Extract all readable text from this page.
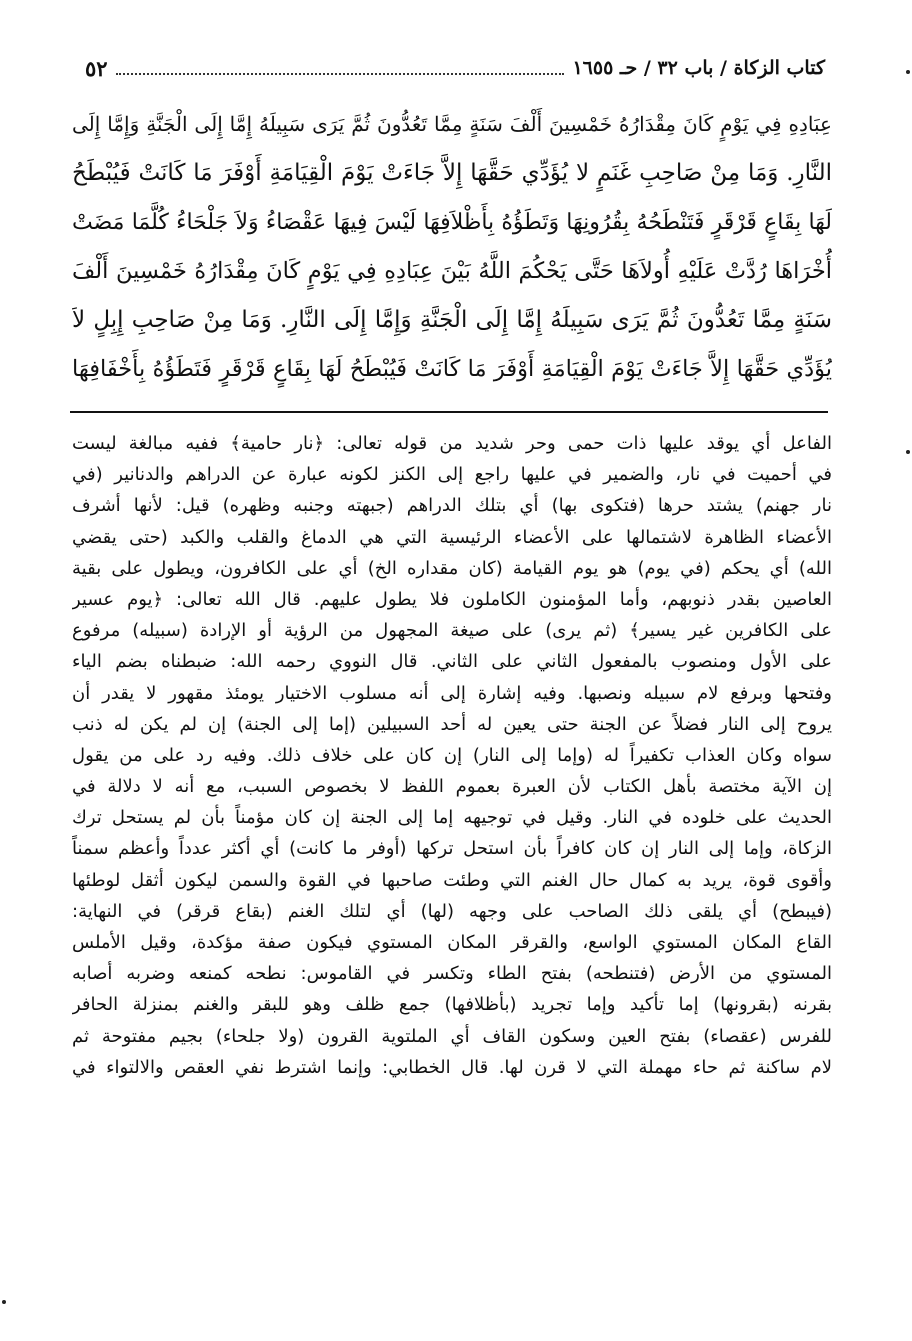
٥٢	كتاب الزكاة / باب ٣٢ / حـ ١٦٥٥
عِبَادِهِ فِي يَوْمٍ كَانَ مِقْدَارُهُ خَمْسِينَ أَلْفَ سَنَةٍ مِمَّا تَعُدُّونَ ثُمَّ يَرَى سَبِيلَهُ إِمَّا إِلَى الْجَنَّةِ وَإِمَّا إِلَى
النَّارِ. وَمَا مِنْ صَاحِبِ غَنَمٍ لا يُؤَدِّي حَقَّهَا إِلاَّ جَاءَتْ يَوْمَ الْقِيَامَةِ أَوْفَرَ مَا كَانَتْ فَيُبْطَحُ
لَهَا بِقَاعٍ قَرْقَرٍ فَتَنْطَحُهُ بِقُرُونِهَا وَتَطَؤُهُ بِأَظْلاَفِهَا لَيْسَ فِيهَا عَقْصَاءُ وَلاَ جَلْحَاءُ كُلَّمَا مَضَتْ
أُخْرَاهَا رُدَّتْ عَلَيْهِ أُولاَهَا حَتَّى يَحْكُمَ اللَّهُ بَيْنَ عِبَادِهِ فِي يَوْمٍ كَانَ مِقْدَارُهُ خَمْسِينَ أَلْفَ
سَنَةٍ مِمَّا تَعُدُّونَ ثُمَّ يَرَى سَبِيلَهُ إِمَّا إِلَى الْجَنَّةِ وَإِمَّا إِلَى النَّارِ. وَمَا مِنْ صَاحِبِ إِبِلٍ لاَ
يُؤَدِّي حَقَّهَا إِلاَّ جَاءَتْ يَوْمَ الْقِيَامَةِ أَوْفَرَ مَا كَانَتْ فَيُبْطَحُ لَهَا بِقَاعٍ قَرْقَرٍ فَتَطَؤُهُ بِأَخْفَافِهَا
الفاعل أي يوقد عليها ذات حمى وحر شديد من قوله تعالى: ﴿نار حامية﴾ ففيه مبالغة ليست
في أحميت في نار، والضمير في عليها راجع إلى الكنز لكونه عبارة عن الدراهم والدنانير (في
نار جهنم) يشتد حرها (فتكوى بها) أي بتلك الدراهم (جبهته وجنبه وظهره) قيل: لأنها أشرف
الأعضاء الظاهرة لاشتمالها على الأعضاء الرئيسية التي هي الدماغ والقلب والكبد (حتى يقضي
الله) أي يحكم (في يوم) هو يوم القيامة (كان مقداره الخ) أي على الكافرون، ويطول على بقية
العاصين بقدر ذنوبهم، وأما المؤمنون الكاملون فلا يطول عليهم. قال الله تعالى: ﴿يوم عسير
على الكافرين غير يسير﴾ (ثم يرى) على صيغة المجهول من الرؤية أو الإرادة (سبيله) مرفوع
على الأول ومنصوب بالمفعول الثاني على الثاني. قال النووي رحمه الله: ضبطناه بضم الياء
وفتحها وبرفع لام سبيله ونصبها. وفيه إشارة إلى أنه مسلوب الاختيار يومئذ مقهور لا يقدر أن
يروح إلى النار فضلاً عن الجنة حتى يعين له أحد السبيلين (إما إلى الجنة) إن لم يكن له ذنب
سواه وكان العذاب تكفيراً له (وإما إلى النار) إن كان على خلاف ذلك. وفيه رد على من يقول
إن الآية مختصة بأهل الكتاب لأن العبرة بعموم اللفظ لا بخصوص السبب، مع أنه لا دلالة في
الحديث على خلوده في النار. وقيل في توجيهه إما إلى الجنة إن كان مؤمناً بأن لم يستحل ترك
الزكاة، وإما إلى النار إن كان كافراً بأن استحل تركها (أوفر ما كانت) أي أكثر عدداً وأعظم سمناً
وأقوى قوة، يريد به كمال حال الغنم التي وطئت صاحبها في القوة والسمن ليكون أثقل لوطئها
(فيبطح) أي يلقى ذلك الصاحب على وجهه (لها) أي لتلك الغنم (بقاع قرقر) في النهاية:
القاع المكان المستوي الواسع، والقرقر المكان المستوي فيكون صفة مؤكدة، وقيل الأملس
المستوي من الأرض (فتنطحه) بفتح الطاء وتكسر في القاموس: نطحه كمنعه وضربه أصابه
بقرنه (بقرونها) إما تأكيد وإما تجريد (بأظلافها) جمع ظلف وهو للبقر والغنم بمنزلة الحافر
للفرس (عقصاء) بفتح العين وسكون القاف أي الملتوية القرون (ولا جلحاء) بجيم مفتوحة ثم
لام ساكنة ثم حاء مهملة التي لا قرن لها. قال الخطابي: وإنما اشترط نفي العقص والالتواء في
